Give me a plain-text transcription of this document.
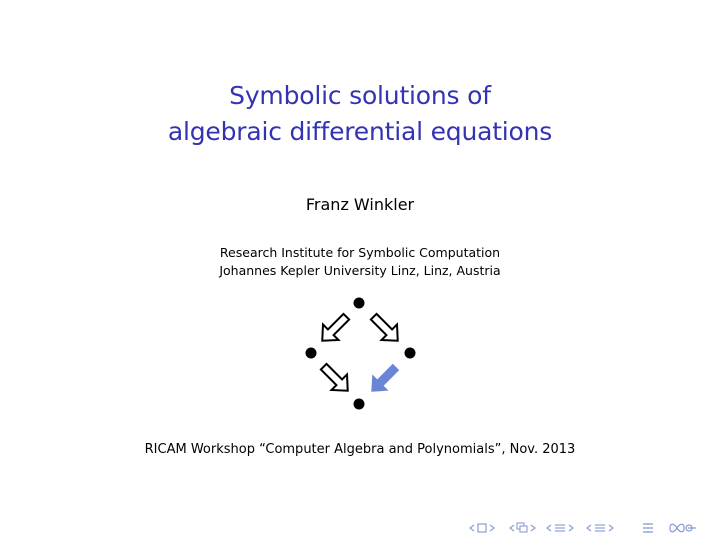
Symbolic solutions of
algebraic differential equations
Franz Winkler
Research Institute for Symbolic Computation
Johannes Kepler University Linz, Linz, Austria
RICAM Workshop “Computer Algebra and Polynomials”, Nov. 2013
